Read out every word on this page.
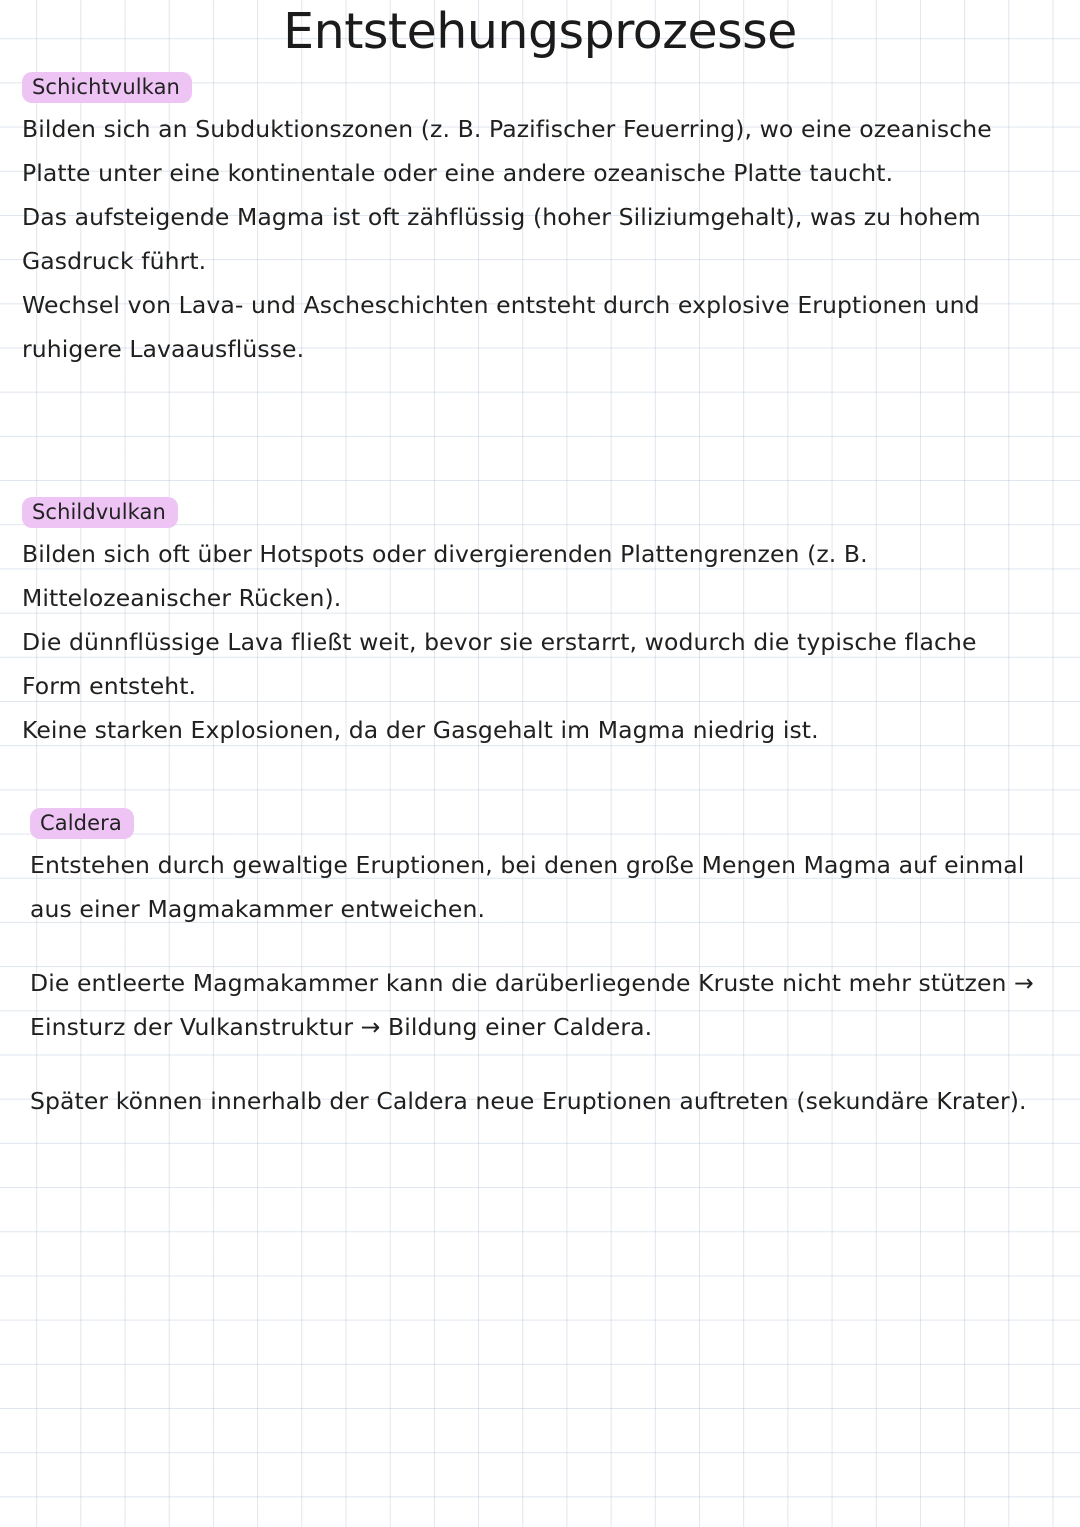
Entstehungsprozesse
Schichtvulkan

Bilden sich an Subduktionszonen (z. B. Pazifischer Feuerring), wo eine ozeanische Platte unter eine kontinentale oder eine andere ozeanische Platte taucht.

Das aufsteigende Magma ist oft zähflüssig (hoher Siliziumgehalt), was zu hohem Gasdruck führt.

Wechsel von Lava- und Ascheschichten entsteht durch explosive Eruptionen und ruhigere Lavaausflüsse.

Schildvulkan

Bilden sich oft über Hotspots oder divergierenden Plattengrenzen (z. B. Mittelozeanischer Rücken).

Die dünnflüssige Lava fließt weit, bevor sie erstarrt, wodurch die typische flache Form entsteht.

Keine starken Explosionen, da der Gasgehalt im Magma niedrig ist.

Caldera

Entstehen durch gewaltige Eruptionen, bei denen große Mengen Magma auf einmal aus einer Magmakammer entweichen.

Die entleerte Magmakammer kann die darüberliegende Kruste nicht mehr stützen → Einsturz der Vulkanstruktur → Bildung einer Caldera.

Später können innerhalb der Caldera neue Eruptionen auftreten (sekundäre Krater).
